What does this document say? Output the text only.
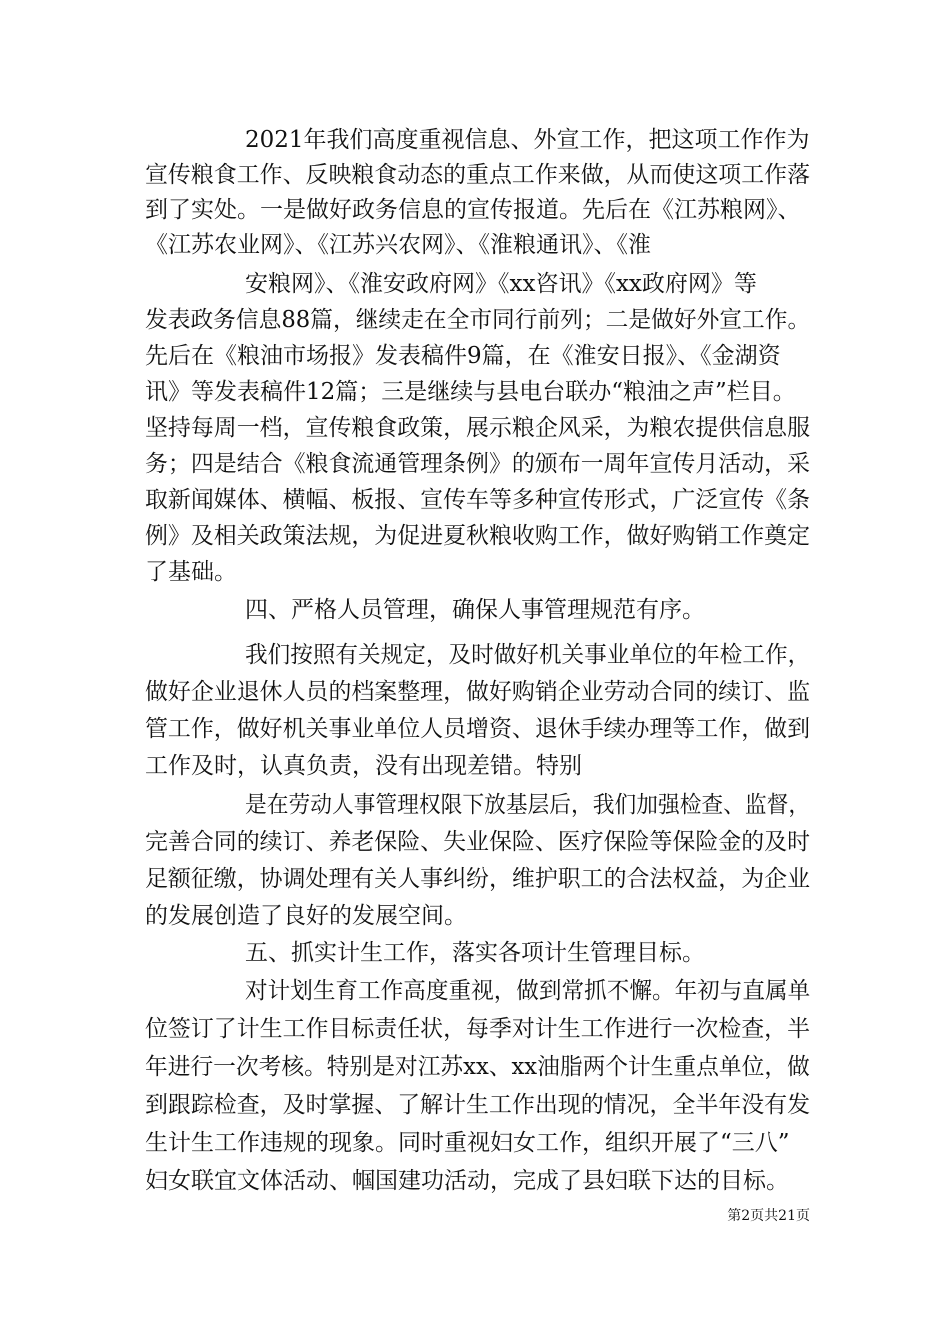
2021年我们高度重视信息、外宣工作，把这项工作作为
宣传粮食工作、反映粮食动态的重点工作来做，从而使这项工作落
到了实处。一是做好政务信息的宣传报道。先后在《江苏粮网》、
《江苏农业网》、《江苏兴农网》、《淮粮通讯》、《淮
安粮网》、《淮安政府网》《xx咨讯》《xx政府网》等
发表政务信息88篇，继续走在全市同行前列；二是做好外宣工作。
先后在《粮油市场报》发表稿件9篇，在《淮安日报》、《金湖资
讯》等发表稿件12篇；三是继续与县电台联办“粮油之声”栏目。
坚持每周一档，宣传粮食政策，展示粮企风采，为粮农提供信息服
务；四是结合《粮食流通管理条例》的颁布一周年宣传月活动，采
取新闻媒体、横幅、板报、宣传车等多种宣传形式，广泛宣传《条
例》及相关政策法规，为促进夏秋粮收购工作，做好购销工作奠定
了基础。
四、严格人员管理，确保人事管理规范有序。
我们按照有关规定，及时做好机关事业单位的年检工作，
做好企业退休人员的档案整理，做好购销企业劳动合同的续订、监
管工作，做好机关事业单位人员增资、退休手续办理等工作，做到
工作及时，认真负责，没有出现差错。特别
是在劳动人事管理权限下放基层后，我们加强检查、监督，
完善合同的续订、养老保险、失业保险、医疗保险等保险金的及时
足额征缴，协调处理有关人事纠纷，维护职工的合法权益，为企业
的发展创造了良好的发展空间。
五、抓实计生工作，落实各项计生管理目标。
对计划生育工作高度重视，做到常抓不懈。年初与直属单
位签订了计生工作目标责任状，每季对计生工作进行一次检查，半
年进行一次考核。特别是对江苏xx、xx油脂两个计生重点单位，做
到跟踪检查，及时掌握、了解计生工作出现的情况，全半年没有发
生计生工作违规的现象。同时重视妇女工作，组织开展了“三八”
妇女联宜文体活动、帼国建功活动，完成了县妇联下达的目标。
第2页共21页
